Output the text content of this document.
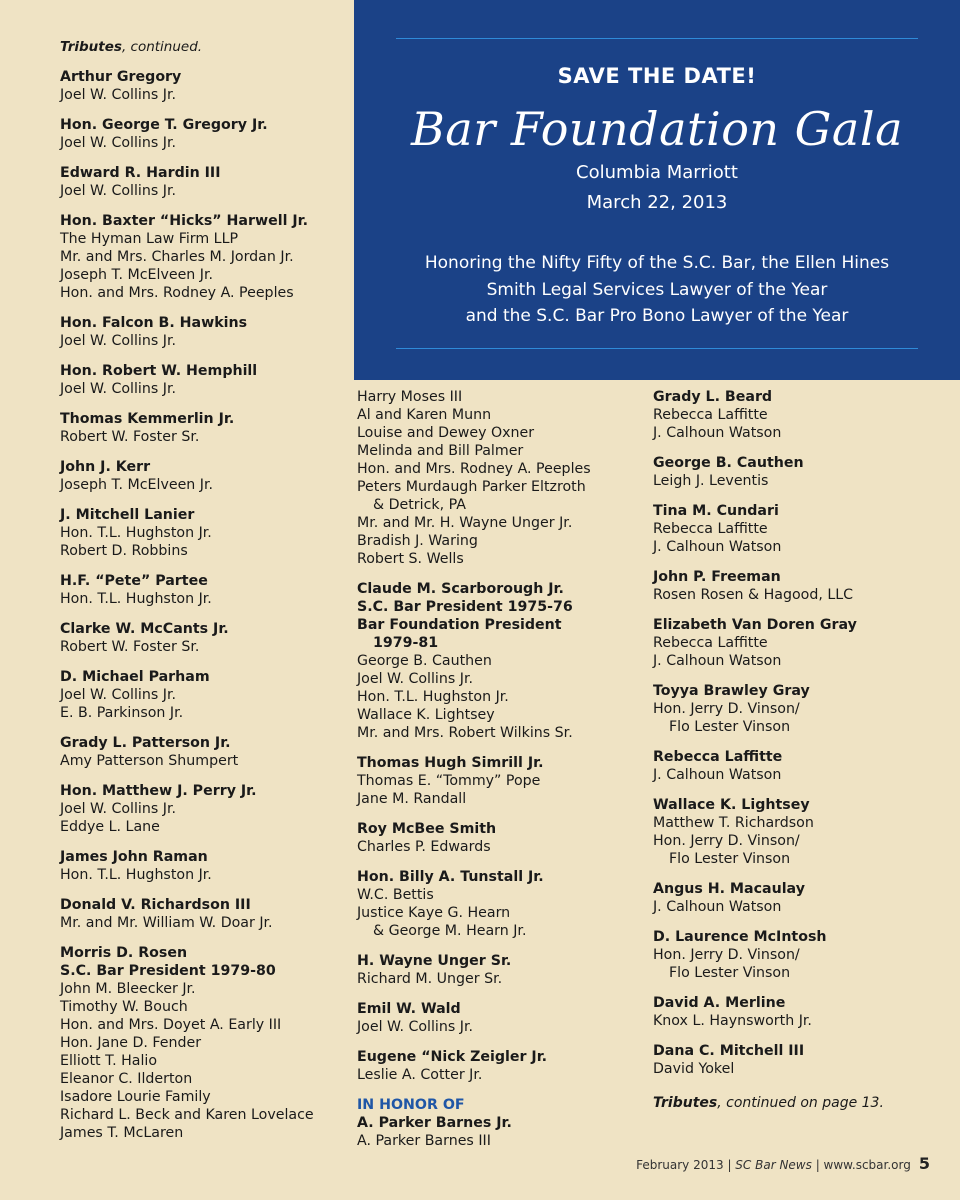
SAVE THE DATE!
Bar Foundation Gala
Columbia Marriott
March 22, 2013
Honoring the Nifty Fifty of the S.C. Bar, the Ellen Hines
Smith Legal Services Lawyer of the Year
and the S.C. Bar Pro Bono Lawyer of the Year
Tributes, continued.
Arthur Gregory
Joel W. Collins Jr.
Hon. George T. Gregory Jr.
Joel W. Collins Jr.
Edward R. Hardin III
Joel W. Collins Jr.
Hon. Baxter “Hicks” Harwell Jr.
The Hyman Law Firm LLP
Mr. and Mrs. Charles M. Jordan Jr.
Joseph T. McElveen Jr.
Hon. and Mrs. Rodney A. Peeples
Hon. Falcon B. Hawkins
Joel W. Collins Jr.
Hon. Robert W. Hemphill
Joel W. Collins Jr.
Thomas Kemmerlin Jr.
Robert W. Foster Sr.
John J. Kerr
Joseph T. McElveen Jr.
J. Mitchell Lanier
Hon. T.L. Hughston Jr.
Robert D. Robbins
H.F. “Pete” Partee
Hon. T.L. Hughston Jr.
Clarke W. McCants Jr.
Robert W. Foster Sr.
D. Michael Parham
Joel W. Collins Jr.
E. B. Parkinson Jr.
Grady L. Patterson Jr.
Amy Patterson Shumpert
Hon. Matthew J. Perry Jr.
Joel W. Collins Jr.
Eddye L. Lane
James John Raman
Hon. T.L. Hughston Jr.
Donald V. Richardson III
Mr. and Mr. William W. Doar Jr.
Morris D. Rosen
S.C. Bar President 1979-80
John M. Bleecker Jr.
Timothy W. Bouch
Hon. and Mrs. Doyet A. Early III
Hon. Jane D. Fender
Elliott T. Halio
Eleanor C. Ilderton
Isadore Lourie Family
Richard L. Beck and Karen Lovelace
James T. McLaren
Harry Moses III
Al and Karen Munn
Louise and Dewey Oxner
Melinda and Bill Palmer
Hon. and Mrs. Rodney A. Peeples
Peters Murdaugh Parker Eltzroth
& Detrick, PA
Mr. and Mr. H. Wayne Unger Jr.
Bradish J. Waring
Robert S. Wells
Claude M. Scarborough Jr.
S.C. Bar President 1975-76
Bar Foundation President
1979-81
George B. Cauthen
Joel W. Collins Jr.
Hon. T.L. Hughston Jr.
Wallace K. Lightsey
Mr. and Mrs. Robert Wilkins Sr.
Thomas Hugh Simrill Jr.
Thomas E. “Tommy” Pope
Jane M. Randall
Roy McBee Smith
Charles P. Edwards
Hon. Billy A. Tunstall Jr.
W.C. Bettis
Justice Kaye G. Hearn
& George M. Hearn Jr.
H. Wayne Unger Sr.
Richard M. Unger Sr.
Emil W. Wald
Joel W. Collins Jr.
Eugene “Nick Zeigler Jr.
Leslie A. Cotter Jr.
IN HONOR OF
A. Parker Barnes Jr.
A. Parker Barnes III
Grady L. Beard
Rebecca Laffitte
J. Calhoun Watson
George B. Cauthen
Leigh J. Leventis
Tina M. Cundari
Rebecca Laffitte
J. Calhoun Watson
John P. Freeman
Rosen Rosen & Hagood, LLC
Elizabeth Van Doren Gray
Rebecca Laffitte
J. Calhoun Watson
Toyya Brawley Gray
Hon. Jerry D. Vinson/
Flo Lester Vinson
Rebecca Laffitte
J. Calhoun Watson
Wallace K. Lightsey
Matthew T. Richardson
Hon. Jerry D. Vinson/
Flo Lester Vinson
Angus H. Macaulay
J. Calhoun Watson
D. Laurence McIntosh
Hon. Jerry D. Vinson/
Flo Lester Vinson
David A. Merline
Knox L. Haynsworth Jr.
Dana C. Mitchell III
David Yokel
Tributes, continued on page 13.
February 2013 | SC Bar News | www.scbar.org 5
